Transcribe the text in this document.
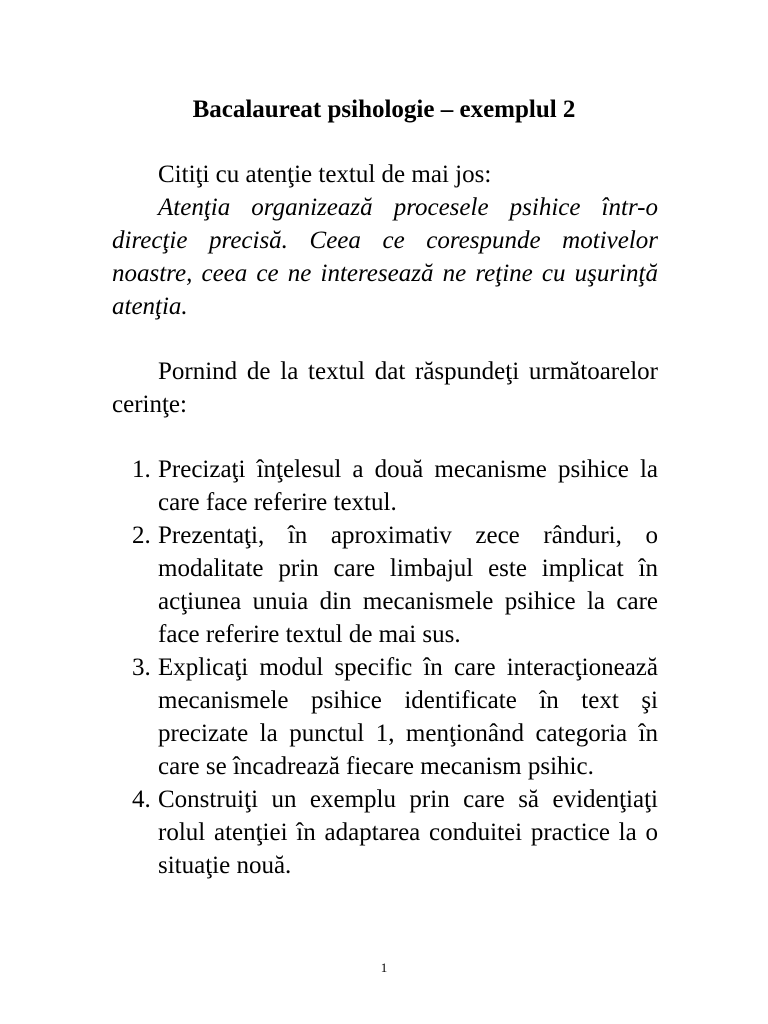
Bacalaureat psihologie – exemplul 2

Citiţi cu atenţie textul de mai jos:

Atenţia organizează procesele psihice într-o direcţie precisă. Ceea ce corespunde motivelor noastre, ceea ce ne interesează ne reţine cu uşurinţă atenţia.

Pornind de la textul dat răspundeţi următoarelor cerinţe:

1. Precizaţi înţelesul a două mecanisme psihice la care face referire textul.
2. Prezentaţi, în aproximativ zece rânduri, o modalitate prin care limbajul este implicat în acţiunea unuia din mecanismele psihice la care face referire textul de mai sus.
3. Explicaţi modul specific în care interacţionează mecanismele psihice identificate în text şi precizate la punctul 1, menţionând categoria în care se încadrează fiecare mecanism psihic.
4. Construiţi un exemplu prin care să evidenţiaţi rolul atenţiei în adaptarea conduitei practice la o situaţie nouă.
1
